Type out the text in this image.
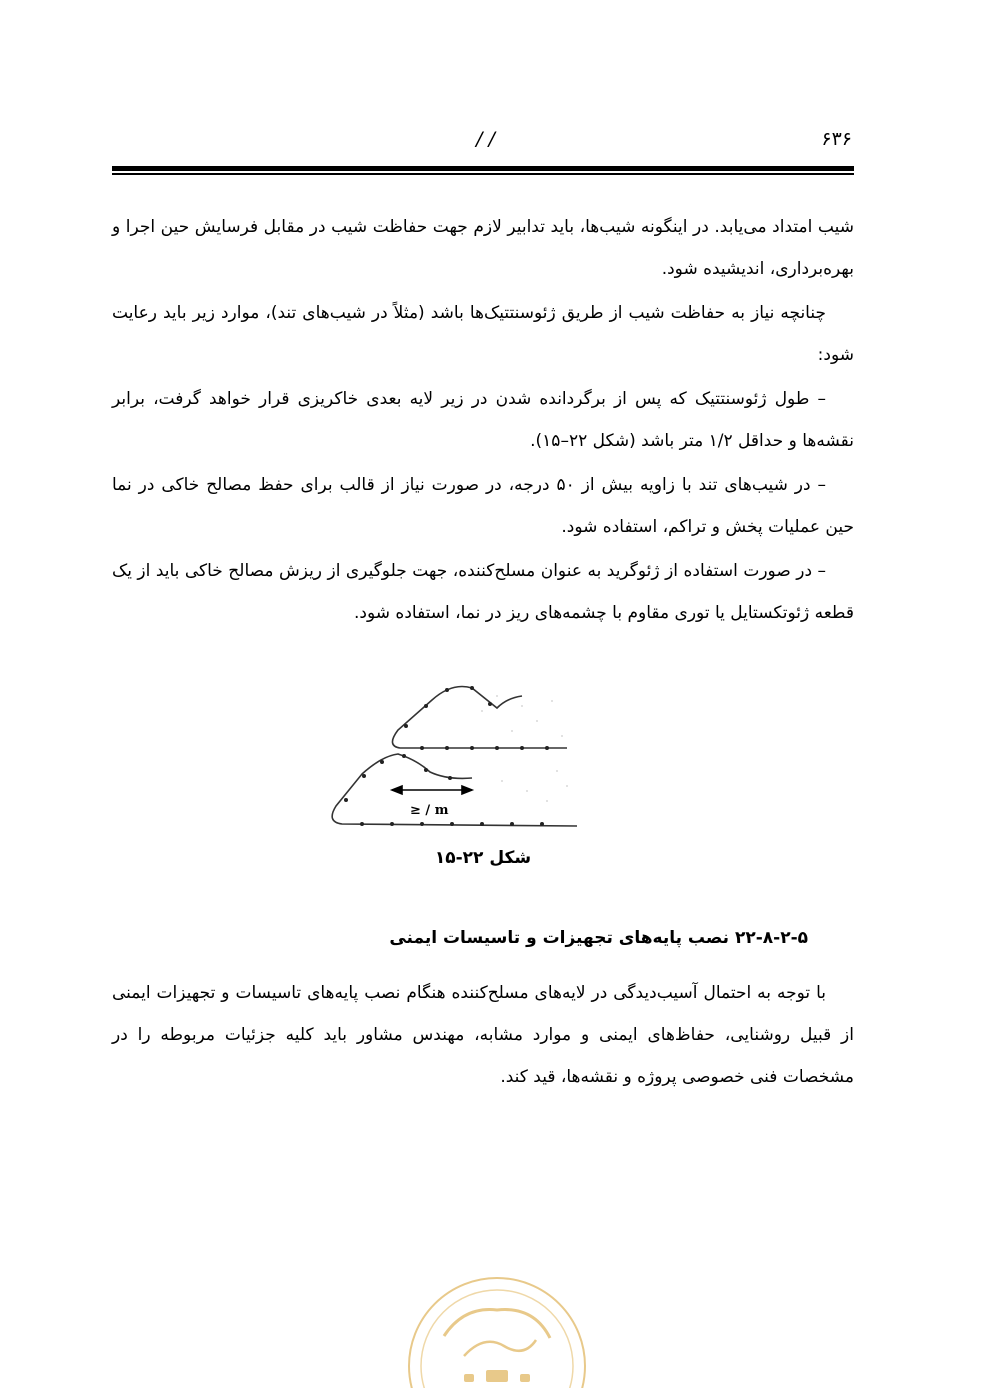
/ /	۶۳۶

شیب امتداد می‌یابد. در اینگونه شیب‌ها، باید تدابیر لازم جهت حفاظت شیب در مقابل فرسایش حین اجرا و بهره‌برداری، اندیشیده شود.

چنانچه نیاز به حفاظت شیب از طریق ژئوسنتتیک‌ها باشد (مثلاً در شیب‌های تند)، موارد زیر باید رعایت شود:

– طول ژئوسنتتیک که پس از برگردانده شدن در زیر لایه بعدی خاکریزی قرار خواهد گرفت، برابر نقشه‌ها و حداقل ۱/۲ متر باشد (شکل ۲۲–۱۵).

– در شیب‌های تند با زاویه بیش از ۵۰ درجه، در صورت نیاز از قالب برای حفظ مصالح خاکی در نما حین عملیات پخش و تراکم، استفاده شود.

– در صورت استفاده از ژئوگرید به عنوان مسلح‌کننده، جهت جلوگیری از ریزش مصالح خاکی باید از یک قطعه ژئوتکستایل یا توری مقاوم با چشمه‌های ریز در نما، استفاده شود.

≥ / m
شکل ۲۲-۱۵
۲۲-۸-۲-۵ نصب پایه‌های تجهیزات و تاسیسات ایمنی

با توجه به احتمال آسیب‌دیدگی در لایه‌های مسلح‌کننده هنگام نصب پایه‌های تاسیسات و تجهیزات ایمنی از قبیل روشنایی، حفاظ‌های ایمنی و موارد مشابه، مهندس مشاور باید کلیه جزئیات مربوطه را در مشخصات فنی خصوصی پروژه و نقشه‌ها، قید کند.
